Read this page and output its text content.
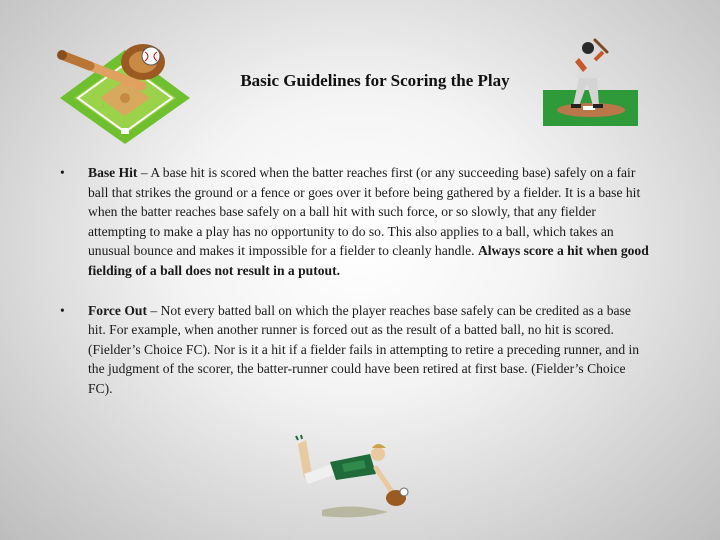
Basic Guidelines for Scoring the Play
• Base Hit – A base hit is scored when the batter reaches first (or any succeeding base) safely on a fair ball that strikes the ground or a fence or goes over it before being gathered by a fielder. It is a base hit when the batter reaches base safely on a ball hit with such force, or so slowly, that any fielder attempting to make a play has no opportunity to do so. This also applies to a ball, which takes an unusual bounce and makes it impossible for a fielder to cleanly handle. Always score a hit when good fielding of a ball does not result in a putout.
• Force Out – Not every batted ball on which the player reaches base safely can be credited as a base hit. For example, when another runner is forced out as the result of a batted ball, no hit is scored. (Fielder’s Choice FC). Nor is it a hit if a fielder fails in attempting to retire a preceding runner, and in the judgment of the scorer, the batter-runner could have been retired at first base. (Fielder’s Choice FC).
